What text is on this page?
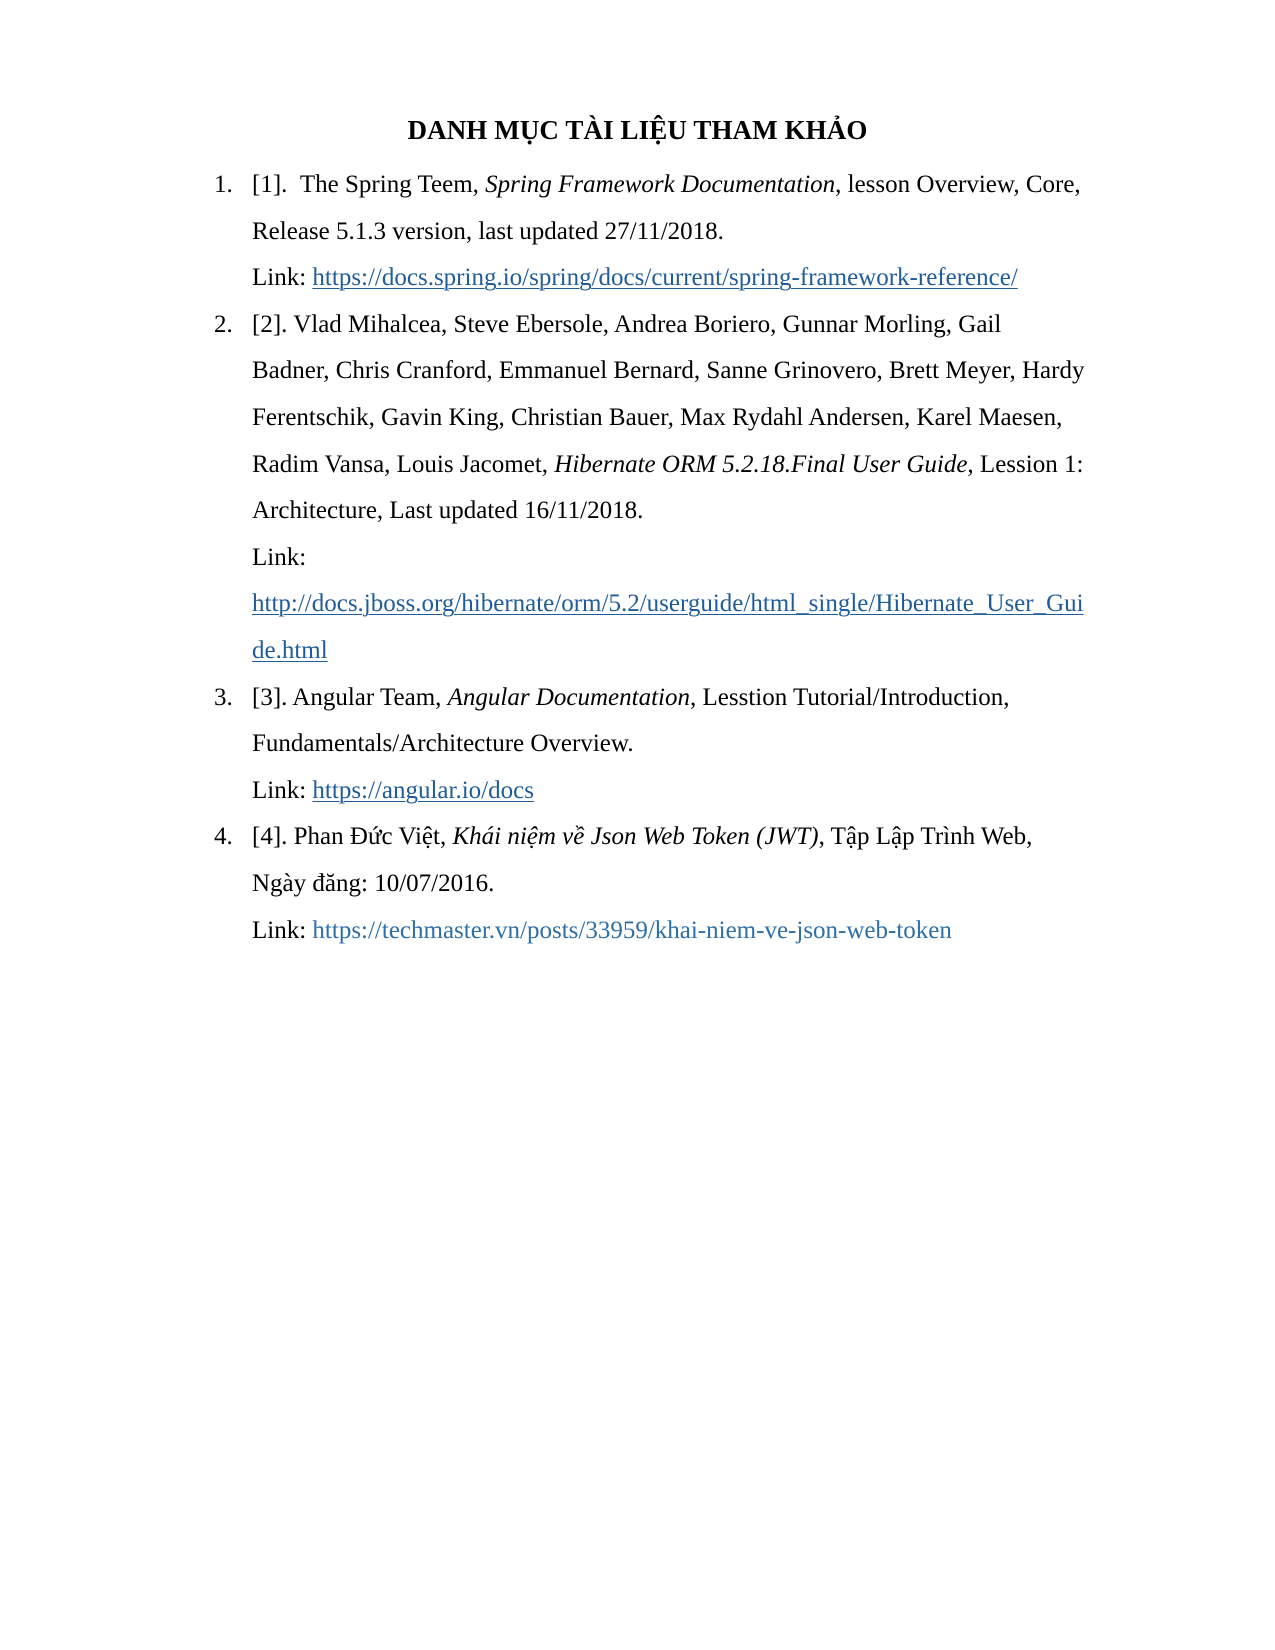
DANH MỤC TÀI LIỆU THAM KHẢO
1. [1]. The Spring Teem, Spring Framework Documentation, lesson Overview, Core,
Release 5.1.3 version, last updated 27/11/2018.
Link: https://docs.spring.io/spring/docs/current/spring-framework-reference/
2. [2]. Vlad Mihalcea, Steve Ebersole, Andrea Boriero, Gunnar Morling, Gail
Badner, Chris Cranford, Emmanuel Bernard, Sanne Grinovero, Brett Meyer, Hardy
Ferentschik, Gavin King, Christian Bauer, Max Rydahl Andersen, Karel Maesen,
Radim Vansa, Louis Jacomet, Hibernate ORM 5.2.18.Final User Guide, Lession 1:
Architecture, Last updated 16/11/2018.
Link:
http://docs.jboss.org/hibernate/orm/5.2/userguide/html_single/Hibernate_User_Gui
de.html
3. [3]. Angular Team, Angular Documentation, Lesstion Tutorial/Introduction,
Fundamentals/Architecture Overview.
Link: https://angular.io/docs
4. [4]. Phan Đức Việt, Khái niệm về Json Web Token (JWT), Tập Lập Trình Web,
Ngày đăng: 10/07/2016.
Link: https://techmaster.vn/posts/33959/khai-niem-ve-json-web-token
